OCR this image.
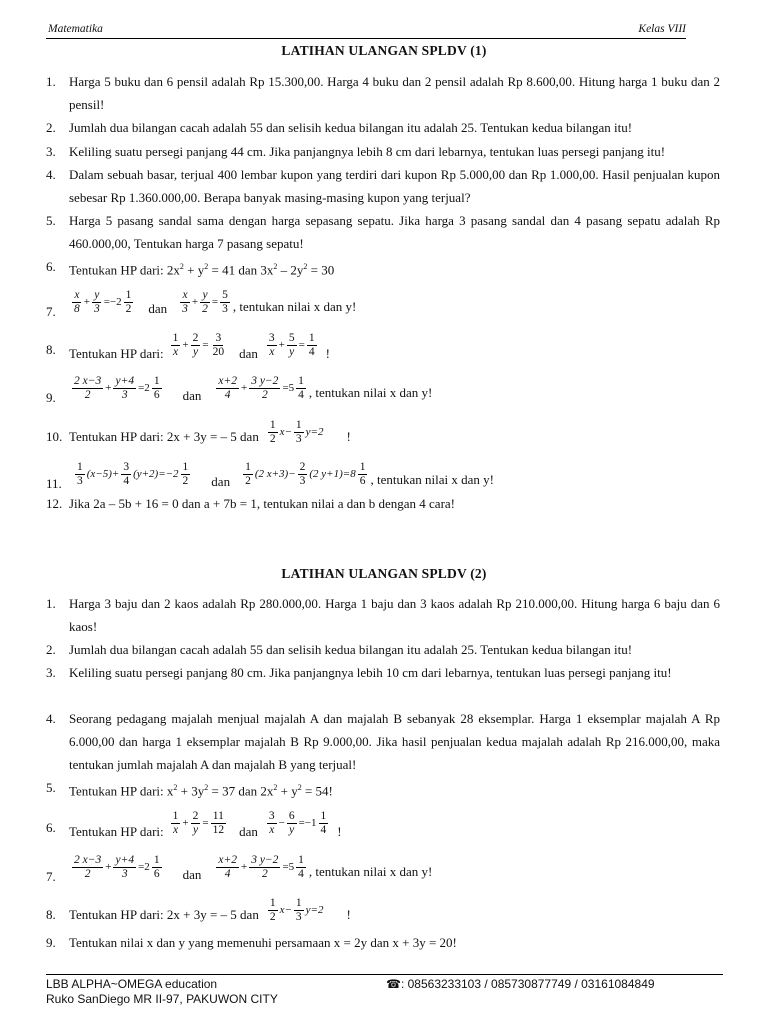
Matematika	Kelas VIII
LATIHAN ULANGAN SPLDV (1)
1. Harga 5 buku dan 6 pensil adalah Rp 15.300,00. Harga 4 buku dan 2 pensil adalah Rp 8.600,00. Hitung harga 1 buku dan 2 pensil!
2. Jumlah dua bilangan cacah adalah 55 dan selisih kedua bilangan itu adalah 25. Tentukan kedua bilangan itu!
3. Keliling suatu persegi panjang 44 cm. Jika panjangnya lebih 8 cm dari lebarnya, tentukan luas persegi panjang itu!
4. Dalam sebuah basar, terjual 400 lembar kupon yang terdiri dari kupon Rp 5.000,00 dan Rp 1.000,00. Hasil penjualan kupon sebesar Rp 1.360.000,00. Berapa banyak masing-masing kupon yang terjual?
5. Harga 5 pasang sandal sama dengan harga sepasang sepatu. Jika harga 3 pasang sandal dan 4 pasang sepatu adalah Rp 460.000,00, Tentukan harga 7 pasang sepatu!
6. Tentukan HP dari: $2x^2 + y^2 = 41$ dan $3x^2 - 2y^2 = 30$
7. $\frac{x}{8} + \frac{y}{3} =-2 \frac{1}{2}$ dan $\frac{x}{3} + \frac{y}{2} = \frac{5}{3}$ , tentukan nilai x dan y!
8. Tentukan HP dari: $\frac{1}{x} + \frac{2}{y} = \frac{3}{20}$ dan $\frac{3}{x} + \frac{5}{y} = \frac{1}{4}$ !
9. $\frac{2 x-3}{2} + \frac{y+4}{3} =2 \frac{1}{6}$ dan $\frac{x+2}{4} + \frac{3 y-2}{2} =5 \frac{1}{4}$ , tentukan nilai x dan y!
10. Tentukan HP dari: 2x + 3y = – 5 dan $\frac{1}{2} x- \frac{1}{3} y=2$ !
11. $\frac{1}{3} (x-5)+ \frac{3}{4} (y+2)=-2 \frac{1}{2}$ dan $\frac{1}{2} (2$ $x+3)- \frac{2}{3} (2$ $y+1)=8 \frac{1}{6}$ , tentukan nilai x dan y!
12. Jika 2a – 5b + 16 = 0 dan a + 7b = 1, tentukan nilai a dan b dengan 4 cara!
LATIHAN ULANGAN SPLDV (2)
1. Harga 3 baju dan 2 kaos adalah Rp 280.000,00. Harga 1 baju dan 3 kaos adalah Rp 210.000,00. Hitung harga 6 baju dan 6 kaos!
2. Jumlah dua bilangan cacah adalah 55 dan selisih kedua bilangan itu adalah 25. Tentukan kedua bilangan itu!
3. Keliling suatu persegi panjang 80 cm. Jika panjangnya lebih 10 cm dari lebarnya, tentukan luas persegi panjang itu!
4. Seorang pedagang majalah menjual majalah A dan majalah B sebanyak 28 eksemplar. Harga 1 eksemplar majalah A Rp 6.000,00 dan harga 1 eksemplar majalah B Rp 9.000,00. Jika hasil penjualan kedua majalah adalah Rp 216.000,00, maka tentukan jumlah majalah A dan majalah B yang terjual!
5. Tentukan HP dari: $x^2 + 3y^2 = 37$ dan $2x^2 + y^2 = 54$!
6. Tentukan HP dari: $\frac{1}{x} + \frac{2}{y} = \frac{11}{12}$ dan $\frac{3}{x} - \frac{6}{y} =-1 \frac{1}{4}$ !
7. $\frac{2 x-3}{2} + \frac{y+4}{3} =2 \frac{1}{6}$ dan $\frac{x+2}{4} + \frac{3 y-2}{2} =5 \frac{1}{4}$ , tentukan nilai x dan y!
8. Tentukan HP dari: 2x + 3y = – 5 dan $\frac{1}{2} x- \frac{1}{3} y=2$ !
9. Tentukan nilai x dan y yang memenuhi persamaan x = 2y dan x + 3y = 20!
LBB ALPHA~OMEGA education
Ruko SanDiego MR II-97, PAKUWON CITY
☎: 08563233103 / 085730877749 / 03161084849
